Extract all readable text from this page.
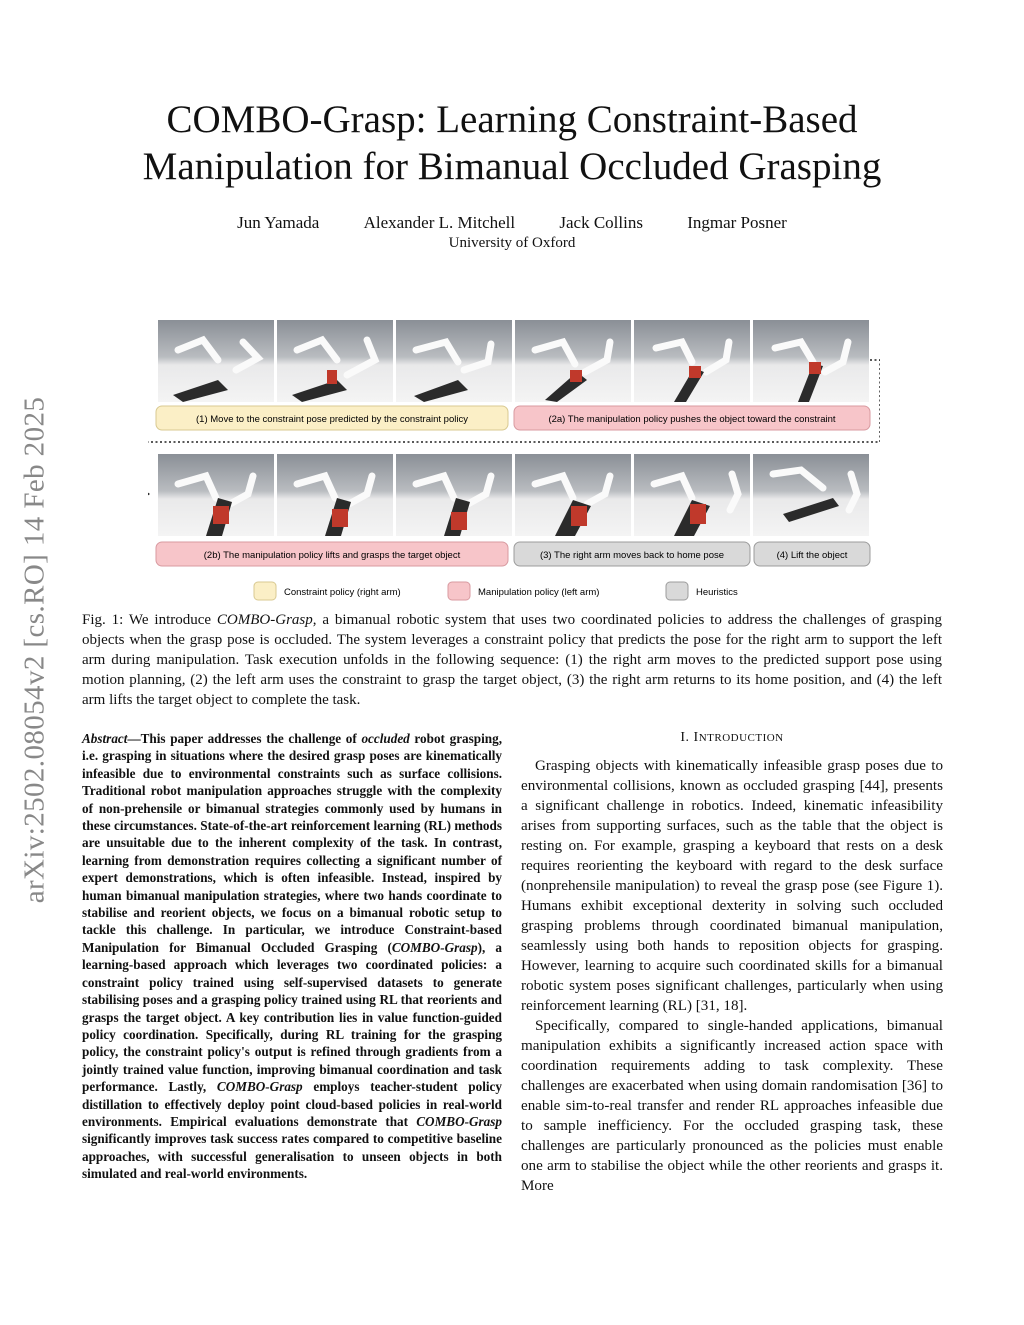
arXiv:2502.08054v2 [cs.RO] 14 Feb 2025
COMBO-Grasp: Learning Constraint-Based
Manipulation for Bimanual Occluded Grasping
Jun Yamada	Alexander L. Mitchell	Jack Collins	Ingmar Posner
University of Oxford
(1) Move to the constraint pose predicted by the constraint policy	(2a) The manipulation policy pushes the object toward the constraint
(2b) The manipulation policy lifts and grasps the target object	(3) The right arm moves back to home pose	(4) Lift the object
Constraint policy (right arm)	Manipulation policy (left arm)	Heuristics
Fig. 1: We introduce COMBO-Grasp, a bimanual robotic system that uses two coordinated policies to address the challenges of grasping objects when the grasp pose is occluded. The system leverages a constraint policy that predicts the pose for the right arm to support the left arm during manipulation. Task execution unfolds in the following sequence: (1) the right arm moves to the predicted support pose using motion planning, (2) the left arm uses the constraint to grasp the target object, (3) the right arm returns to its home position, and (4) the left arm lifts the target object to complete the task.
Abstract—This paper addresses the challenge of occluded robot grasping, i.e. grasping in situations where the desired grasp poses are kinematically infeasible due to environmental constraints such as surface collisions. Traditional robot manipulation approaches struggle with the complexity of non-prehensile or bimanual strategies commonly used by humans in these circumstances. State-of-the-art reinforcement learning (RL) methods are unsuitable due to the inherent complexity of the task. In contrast, learning from demonstration requires collecting a significant number of expert demonstrations, which is often infeasible. Instead, inspired by human bimanual manipulation strategies, where two hands coordinate to stabilise and reorient objects, we focus on a bimanual robotic setup to tackle this challenge. In particular, we introduce Constraint-based Manipulation for Bimanual Occluded Grasping (COMBO-Grasp), a learning-based approach which leverages two coordinated policies: a constraint policy trained using self-supervised datasets to generate stabilising poses and a grasping policy trained using RL that reorients and grasps the target object. A key contribution lies in value function-guided policy coordination. Specifically, during RL training for the grasping policy, the constraint policy's output is refined through gradients from a jointly trained value function, improving bimanual coordination and task performance. Lastly, COMBO-Grasp employs teacher-student policy distillation to effectively deploy point cloud-based policies in real-world environments. Empirical evaluations demonstrate that COMBO-Grasp significantly improves task success rates compared to competitive baseline approaches, with successful generalisation to unseen objects in both simulated and real-world environments.
I. INTRODUCTION

Grasping objects with kinematically infeasible grasp poses due to environmental collisions, known as occluded grasping [44], presents a significant challenge in robotics. Indeed, kinematic infeasibility arises from supporting surfaces, such as the table that the object is resting on. For example, grasping a keyboard that rests on a desk requires reorienting the keyboard with regard to the desk surface (nonprehensile manipulation) to reveal the grasp pose (see Figure 1). Humans exhibit exceptional dexterity in solving such occluded grasping problems through coordinated bimanual manipulation, seamlessly using both hands to reposition objects for grasping. However, learning to acquire such coordinated skills for a bimanual robotic system poses significant challenges, particularly when using reinforcement learning (RL) [31, 18].

Specifically, compared to single-handed applications, bimanual manipulation exhibits a significantly increased action space with coordination requirements adding to task complexity. These challenges are exacerbated when using domain randomisation [36] to enable sim-to-real transfer and render RL approaches infeasible due to sample inefficiency. For the occluded grasping task, these challenges are particularly pronounced as the policies must enable one arm to stabilise the object while the other reorients and grasps it. More
